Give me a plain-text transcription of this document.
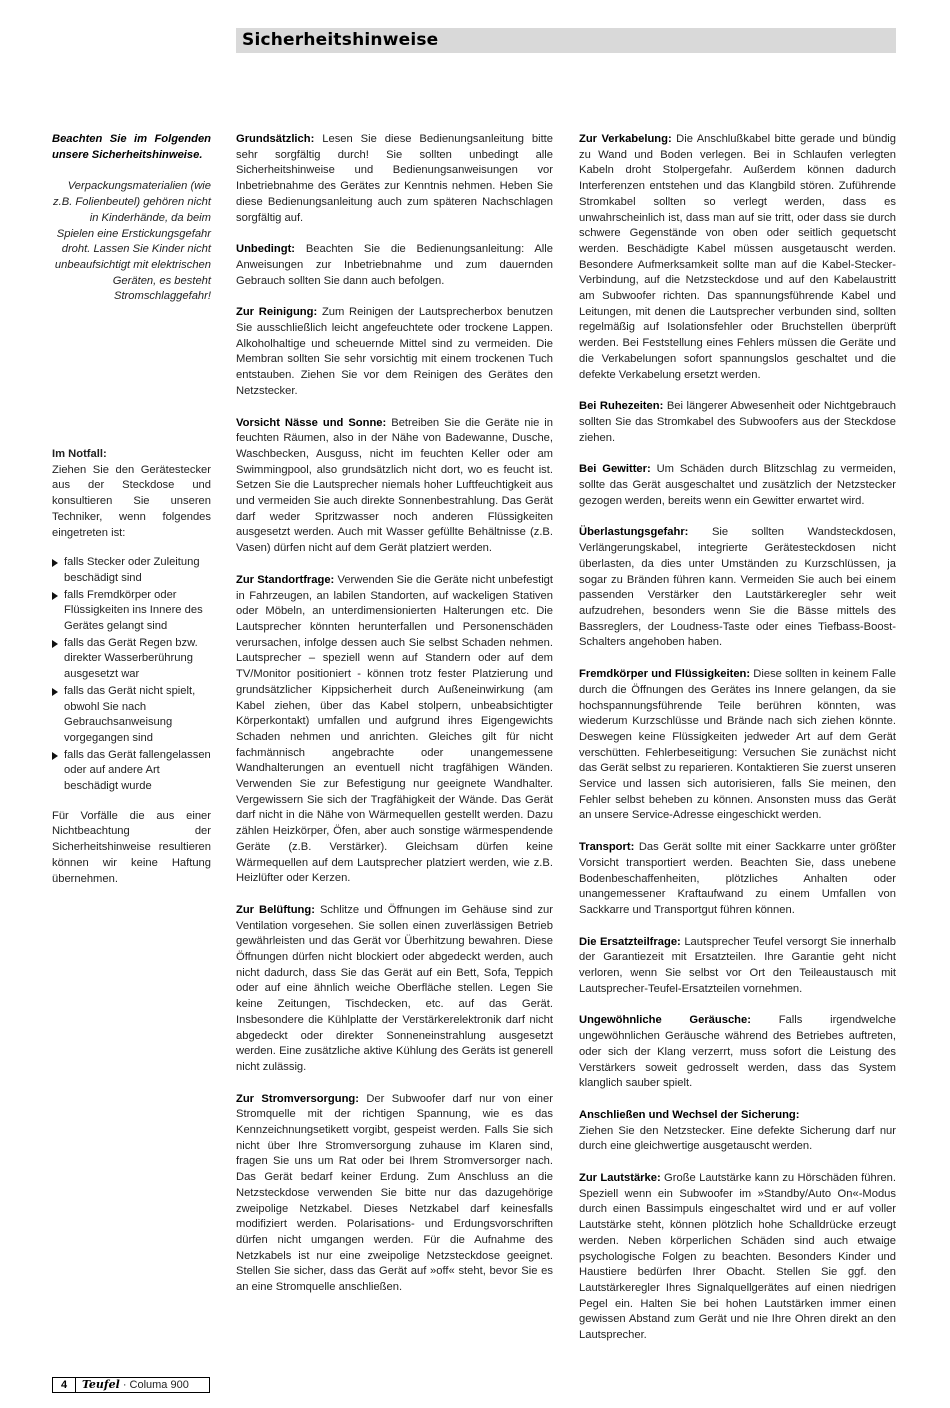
Sicherheitshinweise

Beachten Sie im Folgenden unsere Sicherheitshinweise.

Verpackungsmaterialien (wie z.B. Folienbeutel) gehören nicht in Kinderhände, da beim Spielen eine Erstickungsgefahr droht. Lassen Sie Kinder nicht unbeaufsichtigt mit elektrischen Geräten, es besteht Stromschlaggefahr!

Im Notfall:

Ziehen Sie den Gerätestecker aus der Steckdose und konsultieren Sie unseren Techniker, wenn folgendes eingetreten ist:

falls Stecker oder Zuleitung beschädigt sind
falls Fremdkörper oder Flüssigkeiten ins Innere des Gerätes gelangt sind
falls das Gerät Regen bzw. direkter Wasserberührung ausgesetzt war
falls das Gerät nicht spielt, obwohl Sie nach Gebrauchsanweisung vorgegangen sind
falls das Gerät fallengelassen oder auf andere Art beschädigt wurde

Für Vorfälle die aus einer Nichtbeachtung der Sicherheitshinweise resultieren können wir keine Haftung übernehmen.

Grundsätzlich: Lesen Sie diese Bedienungsanleitung bitte sehr sorgfältig durch! Sie sollten unbedingt alle Sicherheitshinweise und Bedienungsanweisungen vor Inbetriebnahme des Gerätes zur Kenntnis nehmen. Heben Sie diese Bedienungsanleitung auch zum späteren Nachschlagen sorgfältig auf.

Unbedingt: Beachten Sie die Bedienungsanleitung: Alle Anweisungen zur Inbetriebnahme und zum dauernden Gebrauch sollten Sie dann auch befolgen.

Zur Reinigung: Zum Reinigen der Lautsprecherbox benutzen Sie ausschließlich leicht angefeuchtete oder trockene Lappen. Alkoholhaltige und scheuernde Mittel sind zu vermeiden. Die Membran sollten Sie sehr vorsichtig mit einem trockenen Tuch entstauben. Ziehen Sie vor dem Reinigen des Gerätes den Netzstecker.

Vorsicht Nässe und Sonne: Betreiben Sie die Geräte nie in feuchten Räumen, also in der Nähe von Badewanne, Dusche, Waschbecken, Ausguss, nicht im feuchten Keller oder am Swimmingpool, also grundsätzlich nicht dort, wo es feucht ist. Setzen Sie die Lautsprecher niemals hoher Luftfeuchtigkeit aus und vermeiden Sie auch direkte Sonnenbestrahlung. Das Gerät darf weder Spritzwasser noch anderen Flüssigkeiten ausgesetzt werden. Auch mit Wasser gefüllte Behältnisse (z.B. Vasen) dürfen nicht auf dem Gerät platziert werden.

Zur Standortfrage: Verwenden Sie die Geräte nicht unbefestigt in Fahrzeugen, an labilen Standorten, auf wackeligen Stativen oder Möbeln, an unterdimensionierten Halterungen etc. Die Lautsprecher könnten herunterfallen und Personenschäden verursachen, infolge dessen auch Sie selbst Schaden nehmen. Lautsprecher – speziell wenn auf Standern oder auf dem TV/Monitor positioniert - können trotz fester Platzierung und grundsätzlicher Kippsicherheit durch Außeneinwirkung (am Kabel ziehen, über das Kabel stolpern, unbeabsichtigter Körperkontakt) umfallen und aufgrund ihres Eigengewichts Schaden nehmen und anrichten. Gleiches gilt für nicht fachmännisch angebrachte oder unangemessene Wandhalterungen an eventuell nicht tragfähigen Wänden. Verwenden Sie zur Befestigung nur geeignete Wandhalter. Vergewissern Sie sich der Tragfähigkeit der Wände. Das Gerät darf nicht in die Nähe von Wärmequellen gestellt werden. Dazu zählen Heizkörper, Öfen, aber auch sonstige wärmespendende Geräte (z.B. Verstärker). Gleichsam dürfen keine Wärmequellen auf dem Lautsprecher platziert werden, wie z.B. Heizlüfter oder Kerzen.

Zur Belüftung: Schlitze und Öffnungen im Gehäuse sind zur Ventilation vorgesehen. Sie sollen einen zuverlässigen Betrieb gewährleisten und das Gerät vor Überhitzung bewahren. Diese Öffnungen dürfen nicht blockiert oder abgedeckt werden, auch nicht dadurch, dass Sie das Gerät auf ein Bett, Sofa, Teppich oder auf eine ähnlich weiche Oberfläche stellen. Legen Sie keine Zeitungen, Tischdecken, etc. auf das Gerät. Insbesondere die Kühlplatte der Verstärkerelektronik darf nicht abgedeckt oder direkter Sonneneinstrahlung ausgesetzt werden. Eine zusätzliche aktive Kühlung des Geräts ist generell nicht zulässig.

Zur Stromversorgung: Der Subwoofer darf nur von einer Stromquelle mit der richtigen Spannung, wie es das Kennzeichnungsetikett vorgibt, gespeist werden. Falls Sie sich nicht über Ihre Stromversorgung zuhause im Klaren sind, fragen Sie uns um Rat oder bei Ihrem Stromversorger nach. Das Gerät bedarf keiner Erdung. Zum Anschluss an die Netzsteckdose verwenden Sie bitte nur das dazugehörige zweipolige Netzkabel. Dieses Netzkabel darf keinesfalls modifiziert werden. Polarisations- und Erdungsvorschriften dürfen nicht umgangen werden. Für die Aufnahme des Netzkabels ist nur eine zweipolige Netzsteckdose geeignet. Stellen Sie sicher, dass das Gerät auf »off« steht, bevor Sie es an eine Stromquelle anschließen.

Zur Verkabelung: Die Anschlußkabel bitte gerade und bündig zu Wand und Boden verlegen. Bei in Schlaufen verlegten Kabeln droht Stolpergefahr. Außerdem können dadurch Interferenzen entstehen und das Klangbild stören. Zuführende Stromkabel sollten so verlegt werden, dass es unwahrscheinlich ist, dass man auf sie tritt, oder dass sie durch schwere Gegenstände von oben oder seitlich gequetscht werden. Beschädigte Kabel müssen ausgetauscht werden. Besondere Aufmerksamkeit sollte man auf die Kabel-Stecker-Verbindung, auf die Netzsteckdose und auf den Kabelaustritt am Subwoofer richten. Das spannungsführende Kabel und Leitungen, mit denen die Lautsprecher verbunden sind, sollten regelmäßig auf Isolationsfehler oder Bruchstellen überprüft werden. Bei Feststellung eines Fehlers müssen die Geräte und die Verkabelungen sofort spannungslos geschaltet und die defekte Verkabelung ersetzt werden.

Bei Ruhezeiten: Bei längerer Abwesenheit oder Nichtgebrauch sollten Sie das Stromkabel des Subwoofers aus der Steckdose ziehen.

Bei Gewitter: Um Schäden durch Blitzschlag zu vermeiden, sollte das Gerät ausgeschaltet und zusätzlich der Netzstecker gezogen werden, bereits wenn ein Gewitter erwartet wird.

Überlastungsgefahr: Sie sollten Wandsteckdosen, Verlängerungskabel, integrierte Gerätesteckdosen nicht überlasten, da dies unter Umständen zu Kurzschlüssen, ja sogar zu Bränden führen kann. Vermeiden Sie auch bei einem passenden Verstärker den Lautstärkeregler sehr weit aufzudrehen, besonders wenn Sie die Bässe mittels des Bassreglers, der Loudness-Taste oder eines Tiefbass-Boost-Schalters angehoben haben.

Fremdkörper und Flüssigkeiten: Diese sollten in keinem Falle durch die Öffnungen des Gerätes ins Innere gelangen, da sie hochspannungsführende Teile berühren könnten, was wiederum Kurzschlüsse und Brände nach sich ziehen könnte. Deswegen keine Flüssigkeiten jedweder Art auf dem Gerät verschütten. Fehlerbeseitigung: Versuchen Sie zunächst nicht das Gerät selbst zu reparieren. Kontaktieren Sie zuerst unseren Service und lassen sich autorisieren, falls Sie meinen, den Fehler selbst beheben zu können. Ansonsten muss das Gerät an unsere Service-Adresse eingeschickt werden.

Transport: Das Gerät sollte mit einer Sackkarre unter größter Vorsicht transportiert werden. Beachten Sie, dass unebene Bodenbeschaffenheiten, plötzliches Anhalten oder unangemessener Kraftaufwand zu einem Umfallen von Sackkarre und Transportgut führen können.

Die Ersatzteilfrage: Lautsprecher Teufel versorgt Sie innerhalb der Garantiezeit mit Ersatzteilen. Ihre Garantie geht nicht verloren, wenn Sie selbst vor Ort den Teileaustausch mit Lautsprecher-Teufel-Ersatzteilen vornehmen.

Ungewöhnliche Geräusche: Falls irgendwelche ungewöhnlichen Geräusche während des Betriebes auftreten, oder sich der Klang verzerrt, muss sofort die Leistung des Verstärkers soweit gedrosselt werden, dass das System klanglich sauber spielt.

Anschließen und Wechsel der Sicherung:
Ziehen Sie den Netzstecker. Eine defekte Sicherung darf nur durch eine gleichwertige ausgetauscht werden.

Zur Lautstärke: Große Lautstärke kann zu Hörschäden führen. Speziell wenn ein Subwoofer im »Standby/Auto On«-Modus durch einen Bassimpuls eingeschaltet wird und er auf voller Lautstärke steht, können plötzlich hohe Schalldrücke erzeugt werden. Neben körperlichen Schäden sind auch etwaige psychologische Folgen zu beachten. Besonders Kinder und Haustiere bedürfen Ihrer Obacht. Stellen Sie ggf. den Lautstärkeregler Ihres Signalquellgerätes auf einen niedrigen Pegel ein. Halten Sie bei hohen Lautstärken immer einen gewissen Abstand zum Gerät und nie Ihre Ohren direkt an den Lautsprecher.

4	Teufel · Columa 900
